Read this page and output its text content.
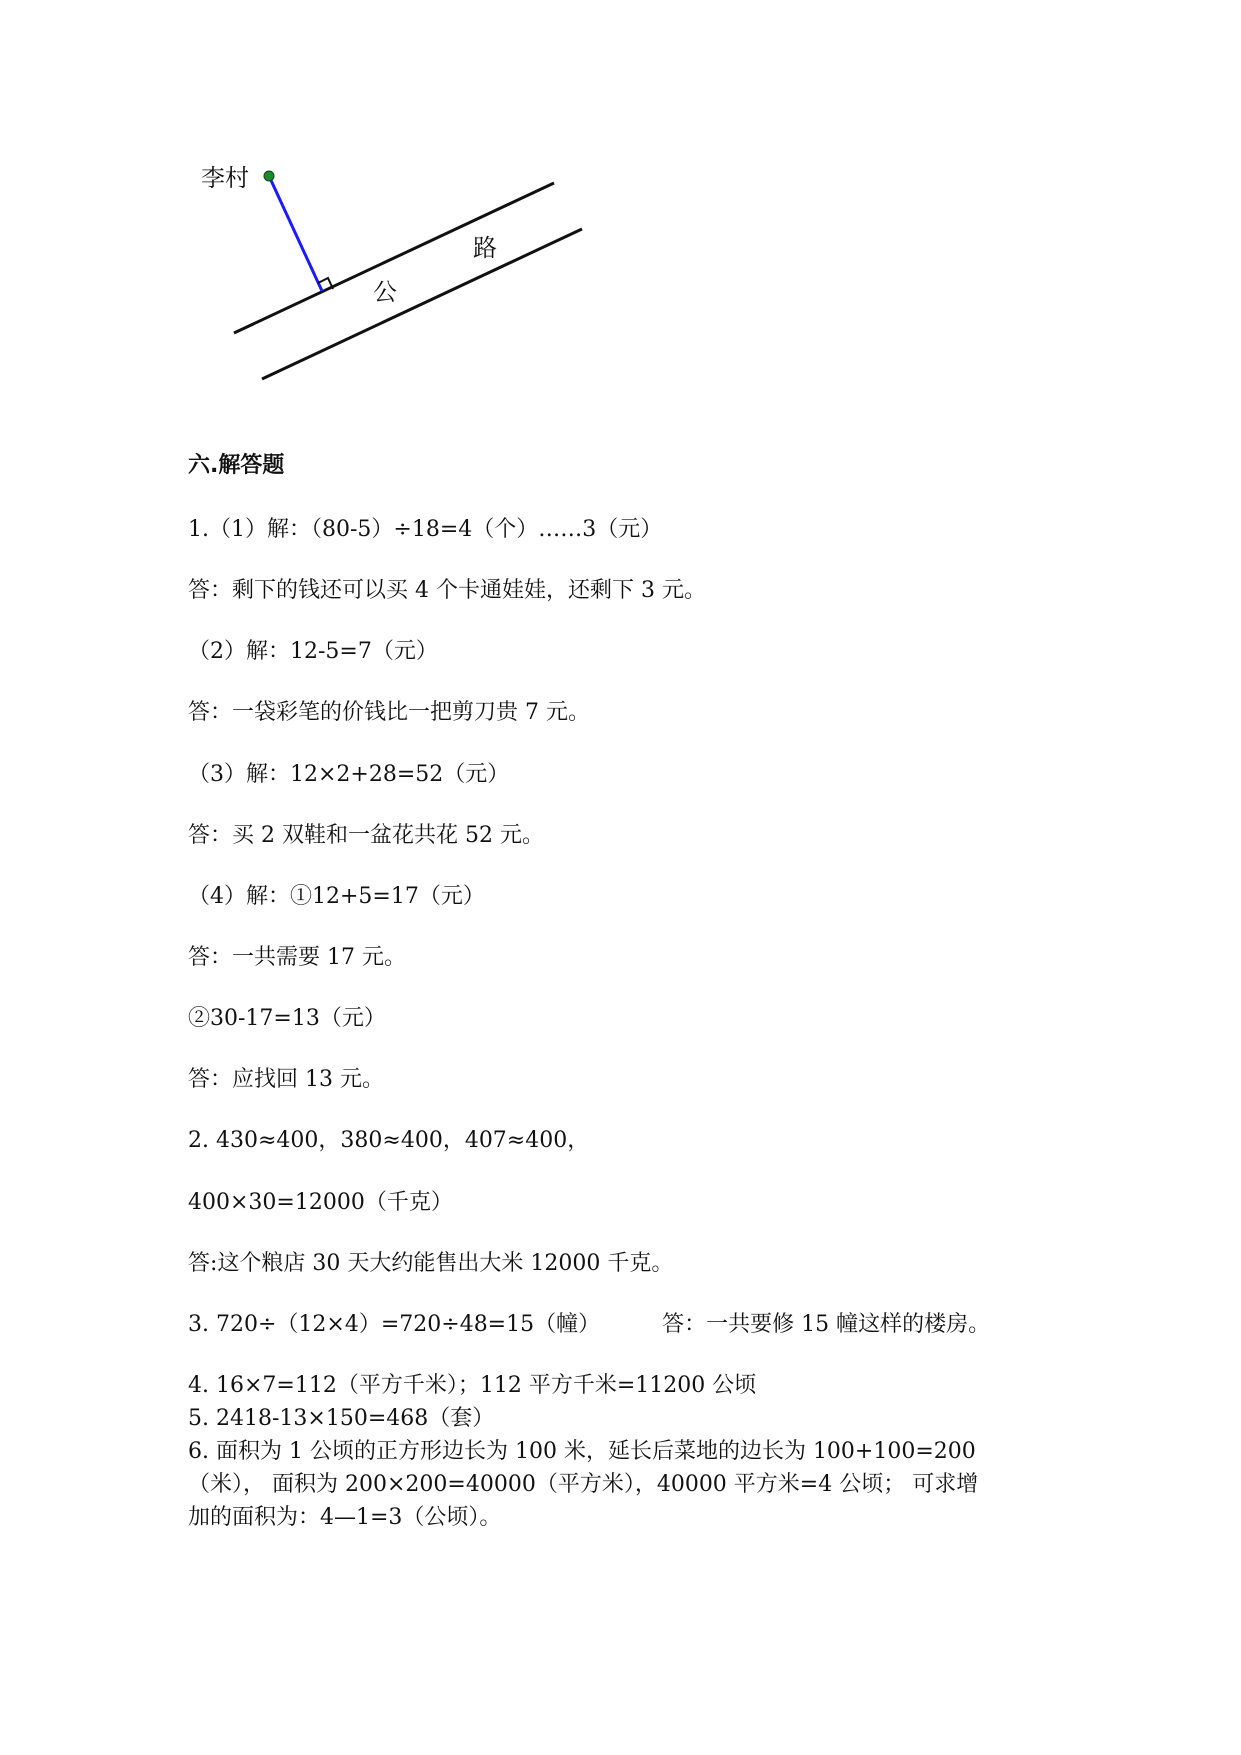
李村
公
路
六.解答题

1.（1）解：（80-5）÷18=4（个）……3（元）

答：剩下的钱还可以买 4 个卡通娃娃，还剩下 3 元。

（2）解：12-5=7（元）

答：一袋彩笔的价钱比一把剪刀贵 7 元。

（3）解：12×2+28=52（元）

答：买 2 双鞋和一盆花共花 52 元。

（4）解：①12+5=17（元）

答：一共需要 17 元。

②30-17=13（元）

答：应找回 13 元。

2. 430≈400，380≈400，407≈400，

400×30=12000（千克）

答:这个粮店 30 天大约能售出大米 12000 千克。

3. 720÷（12×4）=720÷48=15（幢）	答：一共要修 15 幢这样的楼房。

4. 16×7=112（平方千米）；112 平方千米=11200 公顷

5. 2418-13×150=468（套）

6. 面积为 1 公顷的正方形边长为 100 米，延长后菜地的边长为 100+100=200

（米）， 面积为 200×200=40000（平方米），40000 平方米=4 公顷； 可求增

加的面积为：4—1=3（公顷）。
